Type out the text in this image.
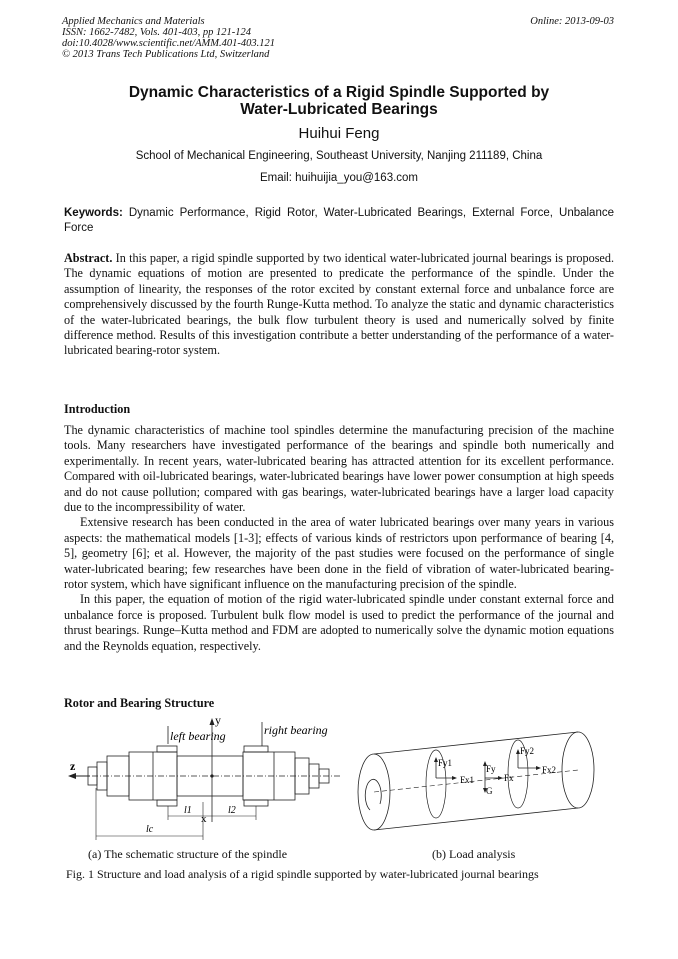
Applied Mechanics and Materials
ISSN: 1662-7482, Vols. 401-403, pp 121-124
doi:10.4028/www.scientific.net/AMM.401-403.121
© 2013 Trans Tech Publications Ltd, Switzerland
Online: 2013-09-03
Dynamic Characteristics of a Rigid Spindle Supported by
Water-Lubricated Bearings
Huihui Feng
School of Mechanical Engineering, Southeast University, Nanjing 211189, China
Email: huihuijia_you@163.com
Keywords: Dynamic Performance, Rigid Rotor, Water-Lubricated Bearings, External Force, Unbalance Force
Abstract. In this paper, a rigid spindle supported by two identical water-lubricated journal bearings is proposed. The dynamic equations of motion are presented to predicate the performance of the spindle. Under the assumption of linearity, the responses of the rotor excited by constant external force and unbalance force are comprehensively discussed by the fourth Runge-Kutta method. To analyze the static and dynamic characteristics of the water-lubricated bearings, the bulk flow turbulent theory is used and numerically solved by finite difference method. Results of this investigation contribute a better understanding of the performance of a water-lubricated bearing-rotor system.
Introduction
The dynamic characteristics of machine tool spindles determine the manufacturing precision of the machine tools. Many researchers have investigated performance of the bearings and spindle both numerically and experimentally. In recent years, water-lubricated bearing has attracted attention for its excellent performance. Compared with oil-lubricated bearings, water-lubricated bearings have lower power consumption at high speeds and do not cause pollution; compared with gas bearings, water-lubricated bearings have a larger load capacity due to the incompressibility of water.
Extensive research has been conducted in the area of water lubricated bearings over many years in various aspects: the mathematical models [1-3]; effects of various kinds of restrictors upon performance of bearing [4, 5], geometry [6]; et al. However, the majority of the past studies were focused on the performance of single water-lubricated bearing; few researches have been done in the field of vibration of water-lubricated bearing-rotor system, which have significant influence on the manufacturing precision of the spindle.
In this paper, the equation of motion of the rigid water-lubricated spindle under constant external force and unbalance force is proposed. Turbulent bulk flow model is used to predict the performance of the journal and thrust bearings. Runge–Kutta method and FDM are adopted to numerically solve the dynamic motion equations and the Reynolds equation, respectively.
Rotor and Bearing Structure
z
y
left bearing	right bearing
l1
x
l2
lc
Fy1
Fx1
Fy
Fx
G
Fy2
Fx2
(a) The schematic structure of the spindle	(b) Load analysis
Fig. 1 Structure and load analysis of a rigid spindle supported by water-lubricated journal bearings
